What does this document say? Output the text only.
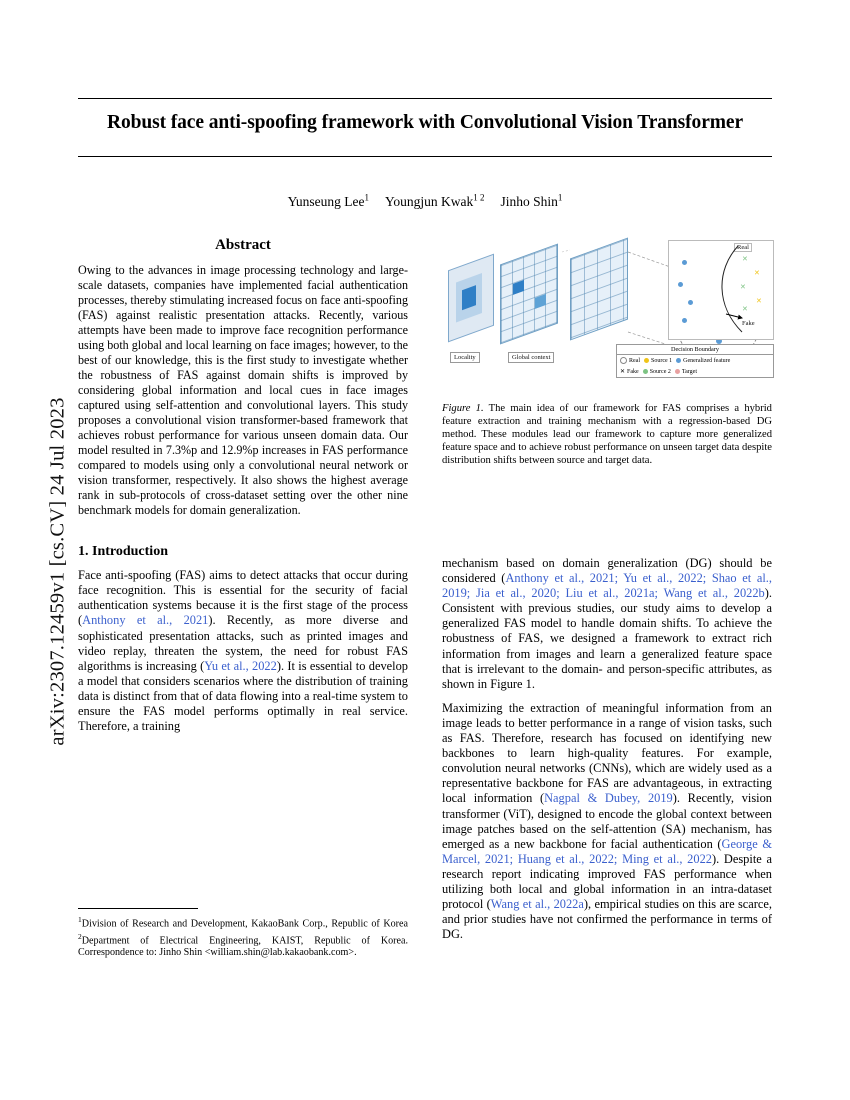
arXiv:2307.12459v1 [cs.CV] 24 Jul 2023
Robust face anti-spoofing framework with Convolutional Vision Transformer
Yunseung Lee$^1$ Youngjun Kwak$^{1 2}$ Jinho Shin$^1$
Abstract

Owing to the advances in image processing technology and large-scale datasets, companies have implemented facial authentication processes, thereby stimulating increased focus on face anti-spoofing (FAS) against realistic presentation attacks. Recently, various attempts have been made to improve face recognition performance using both global and local learning on face images; however, to the best of our knowledge, this is the first study to investigate whether the robustness of FAS against domain shifts is improved by considering global information and local cues in face images captured using self-attention and convolutional layers. This study proposes a convolutional vision transformer-based framework that achieves robust performance for various unseen domain data. Our model resulted in 7.3%p and 12.9%p increases in FAS performance compared to models using only a convolutional neural network or vision transformer, respectively. It also shows the highest average rank in sub-protocols of cross-dataset setting over the other nine benchmark models for domain generalization.

1. Introduction

Face anti-spoofing (FAS) aims to detect attacks that occur during face recognition. This is essential for the security of facial authentication systems because it is the first stage of the process (Anthony et al., 2021). Recently, as more diverse and sophisticated presentation attacks, such as printed images and video replay, threaten the system, the need for robust FAS algorithms is increasing (Yu et al., 2022). It is essential to develop a model that considers scenarios where the distribution of training data is distinct from that of data flowing into a real-time system to ensure the FAS model performs optimally in real service. Therefore, a training

$^1$Division of Research and Development, KakaoBank Corp., Republic of Korea $^2$Department of Electrical Engineering, KAIST, Republic of Korea. Correspondence to: Jinho Shin <william.shin@lab.kakaobank.com>.
Locality	Global context
Real
Fake
✕
✕
✕
✕
✕
Decision Boundary
Real Source 1 Generalized feature
✕ Fake Source 2 Target
Figure 1. The main idea of our framework for FAS comprises a hybrid feature extraction and training mechanism with a regression-based DG method. These modules lead our framework to capture more generalized feature space and to achieve robust performance on unseen target data despite distribution shifts between source and target data.

mechanism based on domain generalization (DG) should be considered (Anthony et al., 2021; Yu et al., 2022; Shao et al., 2019; Jia et al., 2020; Liu et al., 2021a; Wang et al., 2022b). Consistent with previous studies, our study aims to develop a generalized FAS model to handle domain shifts. To achieve the robustness of FAS, we designed a framework to extract rich information from images and learn a generalized feature space that is irrelevant to the domain- and person-specific attributes, as shown in Figure 1.

Maximizing the extraction of meaningful information from an image leads to better performance in a range of vision tasks, such as FAS. Therefore, research has focused on identifying new backbones to learn high-quality features. For example, convolution neural networks (CNNs), which are widely used as a representative backbone for FAS are advantageous, in extracting local information (Nagpal & Dubey, 2019). Recently, vision transformer (ViT), designed to encode the global context between image patches based on the self-attention (SA) mechanism, has emerged as a new backbone for facial authentication (George & Marcel, 2021; Huang et al., 2022; Ming et al., 2022). Despite a research report indicating improved FAS performance when utilizing both local and global information in an intra-dataset protocol (Wang et al., 2022a), empirical studies on this are scarce, and prior studies have not confirmed the performance in terms of DG.
